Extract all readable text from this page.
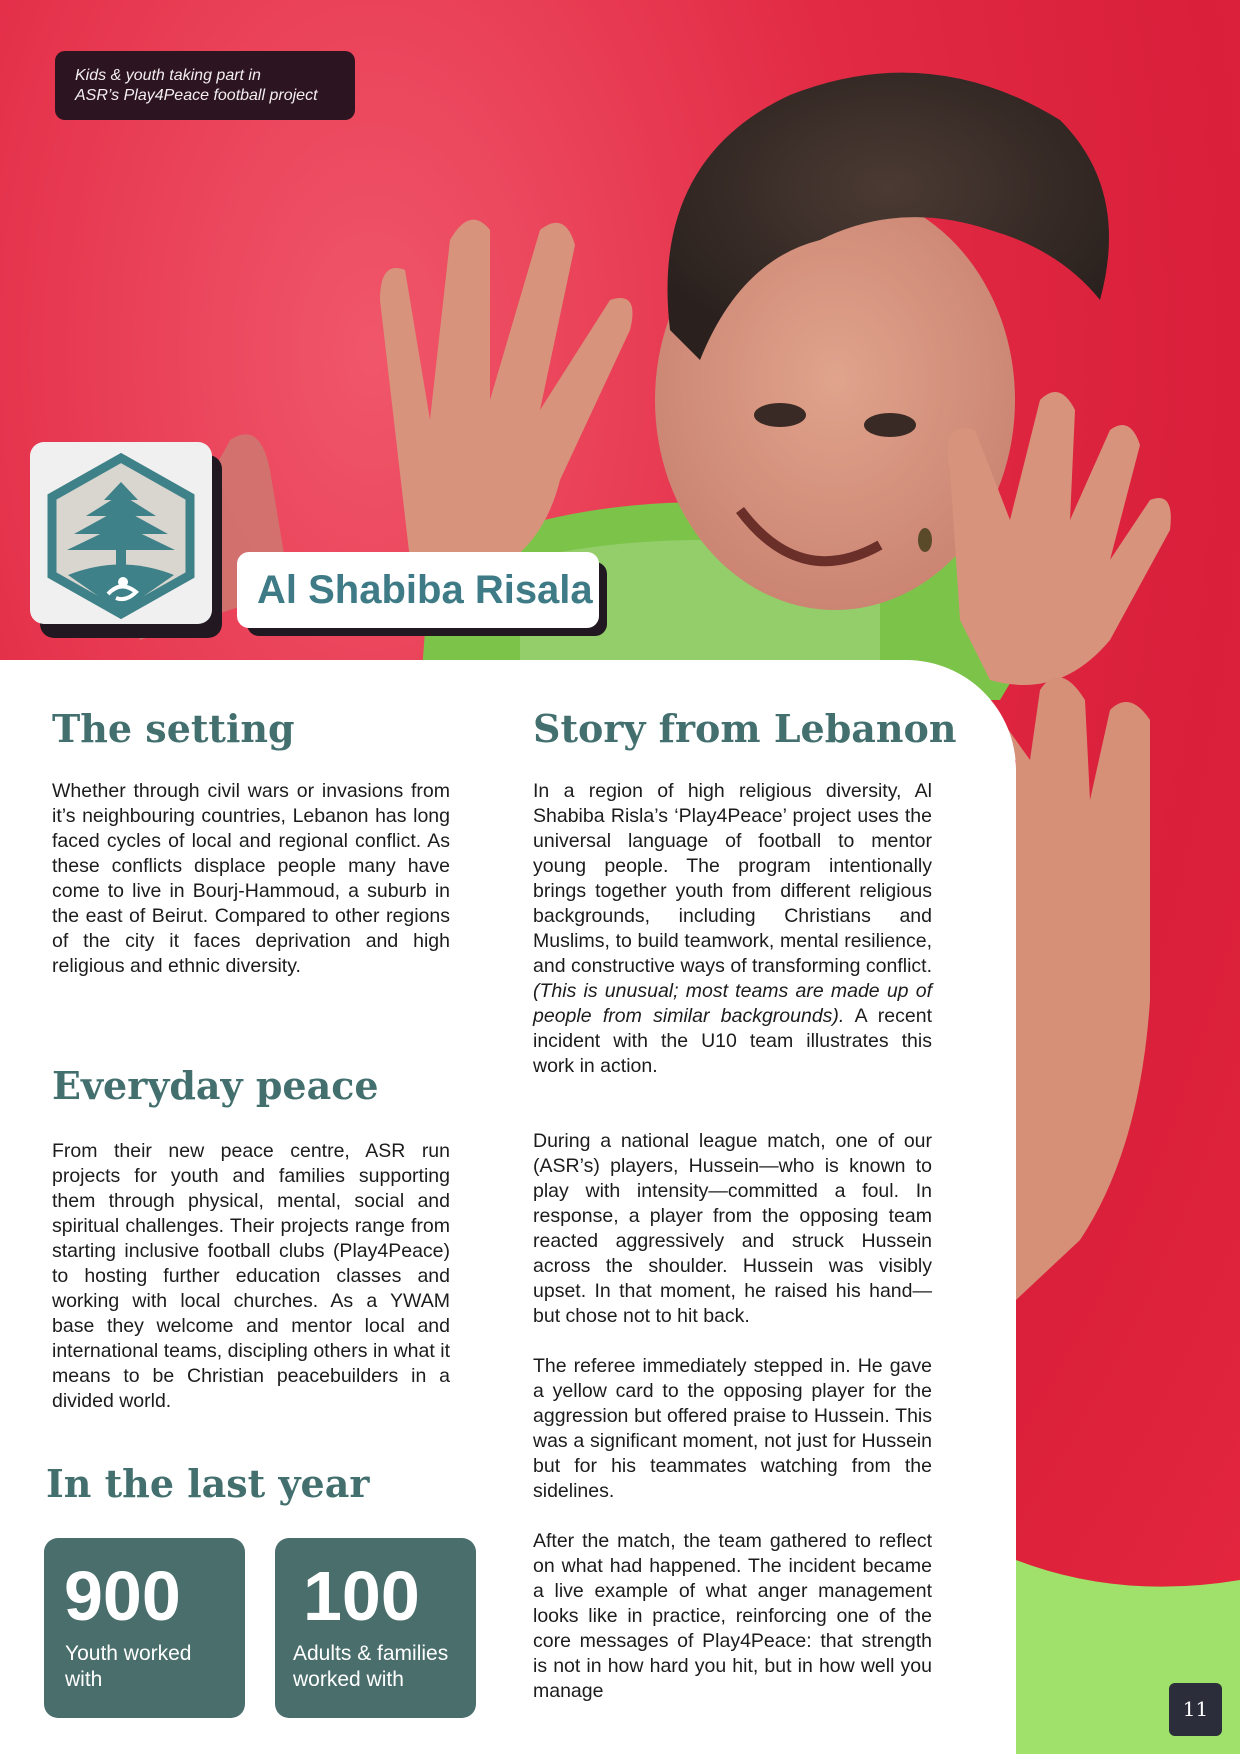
Kids & youth taking part in
ASR’s Play4Peace football project
Al Shabiba Risala
The setting

Whether through civil wars or invasions from it’s neighbouring countries, Lebanon has long faced cycles of local and regional conflict. As these conflicts displace people many have come to live in Bourj-Hammoud, a suburb in the east of Beirut. Compared to other regions of the city it faces deprivation and high religious and ethnic diversity.

Everyday peace

From their new peace centre, ASR run projects for youth and families supporting them through physical, mental, social and spiritual challenges. Their projects range from starting inclusive football clubs (Play4Peace) to hosting further education classes and working with local churches. As a YWAM base they welcome and mentor local and international teams, discipling others in what it means to be Christian peacebuilders in a divided world.

In the last year
900
Youth worked
with
100
Adults & families
worked with
Story from Lebanon

In a region of high religious diversity, Al Shabiba Risla’s ‘Play4Peace’ project uses the universal language of football to mentor young people. The program intentionally brings together youth from different religious backgrounds, including Christians and Muslims, to build teamwork, mental resilience, and constructive ways of transforming conflict. (This is unusual; most teams are made up of people from similar backgrounds). A recent incident with the U10 team illustrates this work in action.

During a national league match, one of our (ASR’s) players, Hussein—who is known to play with intensity—committed a foul. In response, a player from the opposing team reacted aggressively and struck Hussein across the shoulder. Hussein was visibly upset. In that moment, he raised his hand—but chose not to hit back.

The referee immediately stepped in. He gave a yellow card to the opposing player for the aggression but offered praise to Hussein. This was a significant moment, not just for Hussein but for his teammates watching from the sidelines.

After the match, the team gathered to reflect on what had happened. The incident became a live example of what anger management looks like in practice, reinforcing one of the core messages of Play4Peace: that strength is not in how hard you hit, but in how well you manage

11
